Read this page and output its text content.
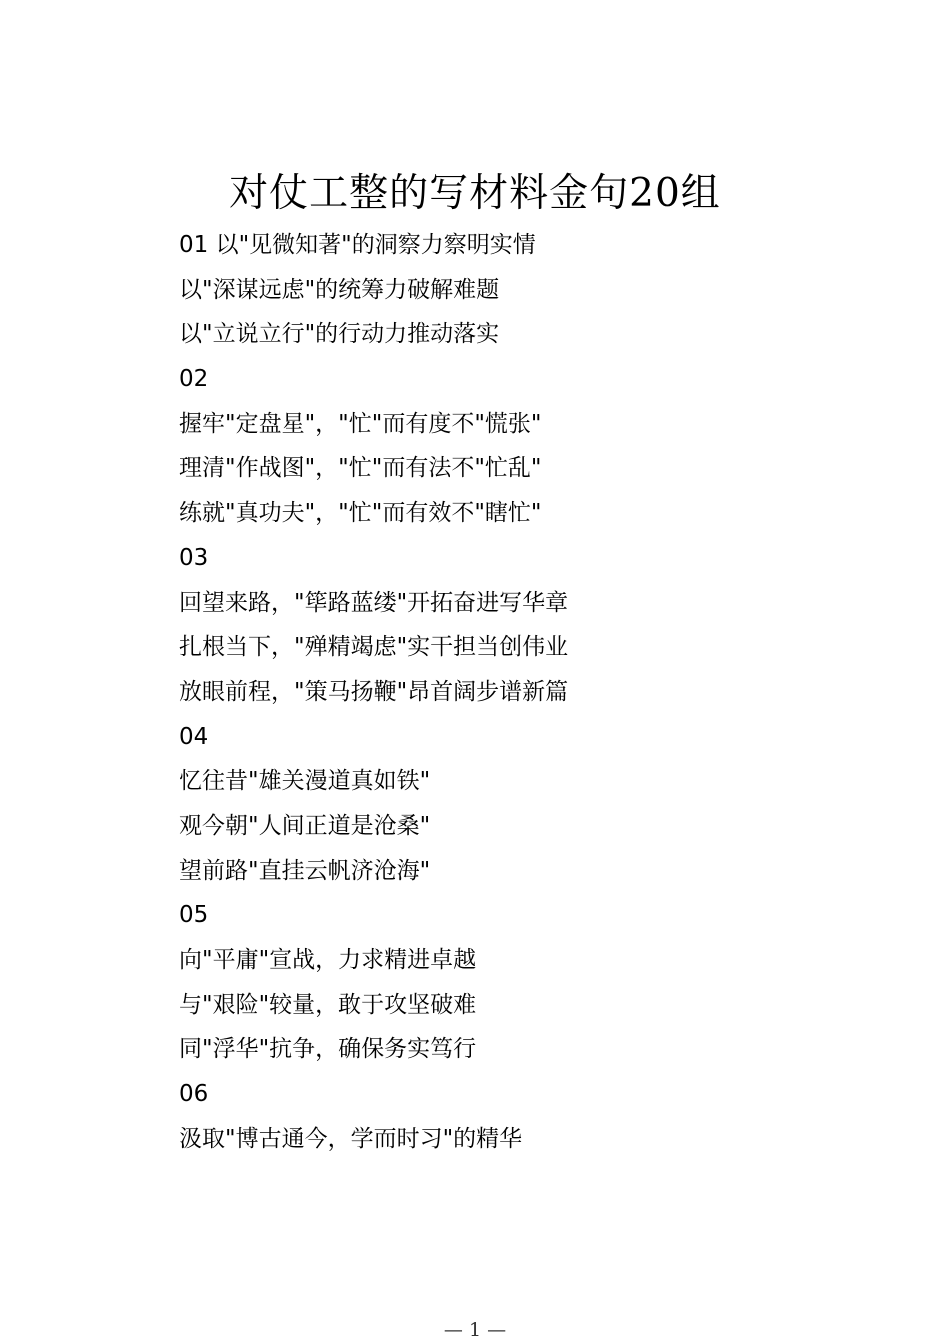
对仗工整的写材料金句20组
01 以"见微知著"的洞察力察明实情
以"深谋远虑"的统筹力破解难题
以"立说立行"的行动力推动落实
02
握牢"定盘星"，"忙"而有度不"慌张"
理清"作战图"，"忙"而有法不"忙乱"
练就"真功夫"，"忙"而有效不"瞎忙"
03
回望来路，"筚路蓝缕"开拓奋进写华章
扎根当下，"殚精竭虑"实干担当创伟业
放眼前程，"策马扬鞭"昂首阔步谱新篇
04
忆往昔"雄关漫道真如铁"
观今朝"人间正道是沧桑"
望前路"直挂云帆济沧海"
05
向"平庸"宣战，力求精进卓越
与"艰险"较量，敢于攻坚破难
同"浮华"抗争，确保务实笃行
06
汲取"博古通今，学而时习"的精华
— 1 —
